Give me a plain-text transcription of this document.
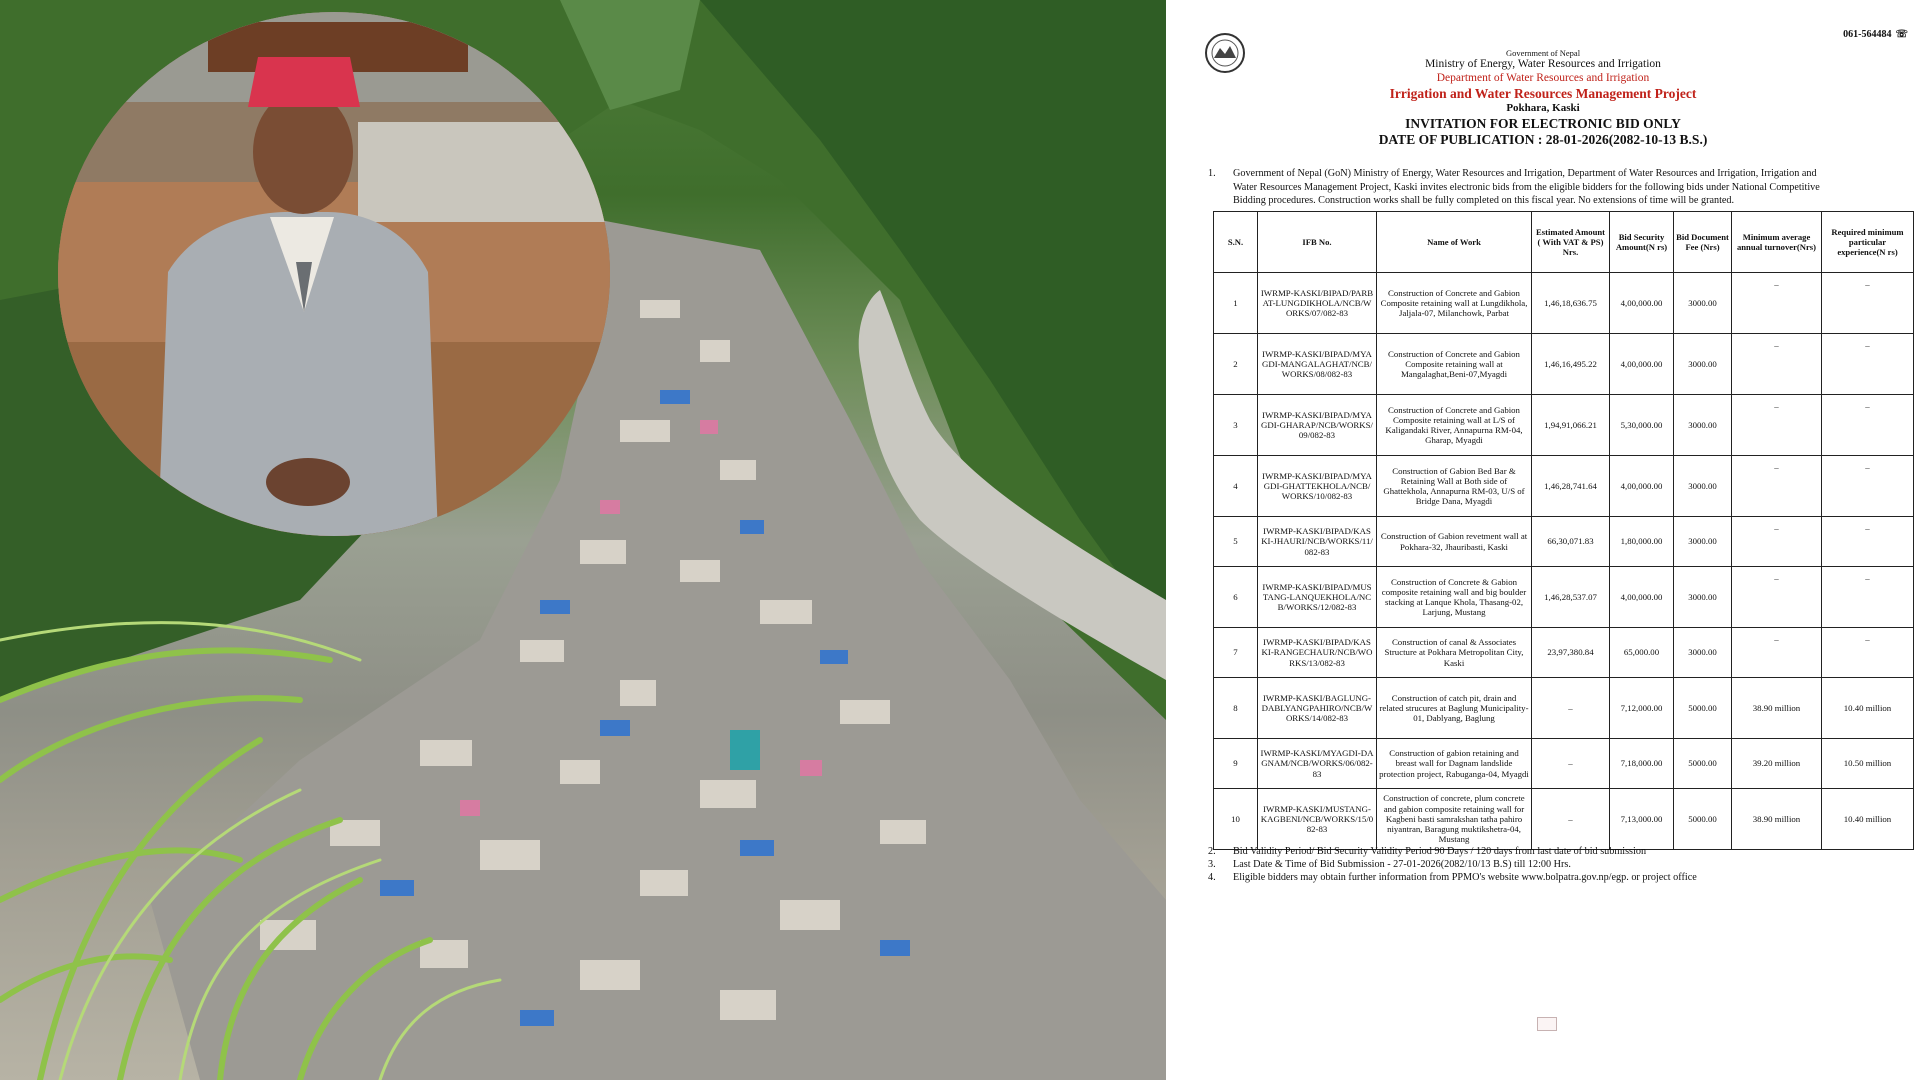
061-564484 ☏
Government of Nepal
Ministry of Energy, Water Resources and Irrigation
Department of Water Resources and Irrigation
Irrigation and Water Resources Management Project
Pokhara, Kaski
INVITATION FOR ELECTRONIC BID ONLY
DATE OF PUBLICATION : 28-01-2026(2082-10-13 B.S.)
1. Government of Nepal (GoN) Ministry of Energy, Water Resources and Irrigation, Department of Water Resources and Irrigation, Irrigation and
Water Resources Management Project, Kaski invites electronic bids from the eligible bidders for the following bids under National Competitive
Bidding procedures. Construction works shall be fully completed on this fiscal year. No extensions of time will be granted.
S.N.	IFB No.	Name of Work	Estimated Amount ( With VAT & PS) Nrs.	Bid Security Amount(N rs)	Bid Document Fee (Nrs)	Minimum average annual turnover(Nrs)	Required minimum particular experience(N rs)
1	IWRMP-KASKI/BIPAD/PARBAT-LUNGDIKHOLA/NCB/WORKS/07/082-83	Construction of Concrete and Gabion Composite retaining wall at Lungdikhola, Jaljala-07, Milanchowk, Parbat	1,46,18,636.75	4,00,000.00	3000.00	–	–
2	IWRMP-KASKI/BIPAD/MYAGDI-MANGALAGHAT/NCB/WORKS/08/082-83	Construction of Concrete and Gabion Composite retaining wall at Mangalaghat,Beni-07,Myagdi	1,46,16,495.22	4,00,000.00	3000.00	–	–
3	IWRMP-KASKI/BIPAD/MYAGDI-GHARAP/NCB/WORKS/09/082-83	Construction of Concrete and Gabion Composite retaining wall at L/S of Kaligandaki River, Annapurna RM-04, Gharap, Myagdi	1,94,91,066.21	5,30,000.00	3000.00	–	–
4	IWRMP-KASKI/BIPAD/MYAGDI-GHATTEKHOLA/NCB/WORKS/10/082-83	Construction of Gabion Bed Bar & Retaining Wall at Both side of Ghattekhola, Annapurna RM-03, U/S of Bridge Dana, Myagdi	1,46,28,741.64	4,00,000.00	3000.00	–	–
5	IWRMP-KASKI/BIPAD/KASKI-JHAURI/NCB/WORKS/11/082-83	Construction of Gabion revetment wall at Pokhara-32, Jhauribasti, Kaski	66,30,071.83	1,80,000.00	3000.00	–	–
6	IWRMP-KASKI/BIPAD/MUSTANG-LANQUEKHOLA/NCB/WORKS/12/082-83	Construction of Concrete & Gabion composite retaining wall and big boulder stacking at Lanque Khola, Thasang-02, Larjung, Mustang	1,46,28,537.07	4,00,000.00	3000.00	–	–
7	IWRMP-KASKI/BIPAD/KASKI-RANGECHAUR/NCB/WORKS/13/082-83	Construction of canal & Associates Structure at Pokhara Metropolitan City, Kaski	23,97,380.84	65,000.00	3000.00	–	–
8	IWRMP-KASKI/BAGLUNG-DABLYANGPAHIRO/NCB/WORKS/14/082-83	Construction of catch pit, drain and related strucures at Baglung Municipality-01, Dablyang, Baglung	–	7,12,000.00	5000.00	38.90 million	10.40 million
9	IWRMP-KASKI/MYAGDI-DAGNAM/NCB/WORKS/06/082-83	Construction of gabion retaining and breast wall for Dagnam landslide protection project, Rabuganga-04, Myagdi	–	7,18,000.00	5000.00	39.20 million	10.50 million
10	IWRMP-KASKI/MUSTANG-KAGBENI/NCB/WORKS/15/082-83	Construction of concrete, plum concrete and gabion composite retaining wall for Kagbeni basti samrakshan tatha pahiro niyantran, Baragung muktikshetra-04, Mustang	–	7,13,000.00	5000.00	38.90 million	10.40 million
2. Bid Validity Period/ Bid Security Validity Period 90 Days / 120 days from last date of bid submission
3. Last Date & Time of Bid Submission - 27-01-2026(2082/10/13 B.S) till 12:00 Hrs.
4. Eligible bidders may obtain further information from PPMO's website www.bolpatra.gov.np/egp. or project office
